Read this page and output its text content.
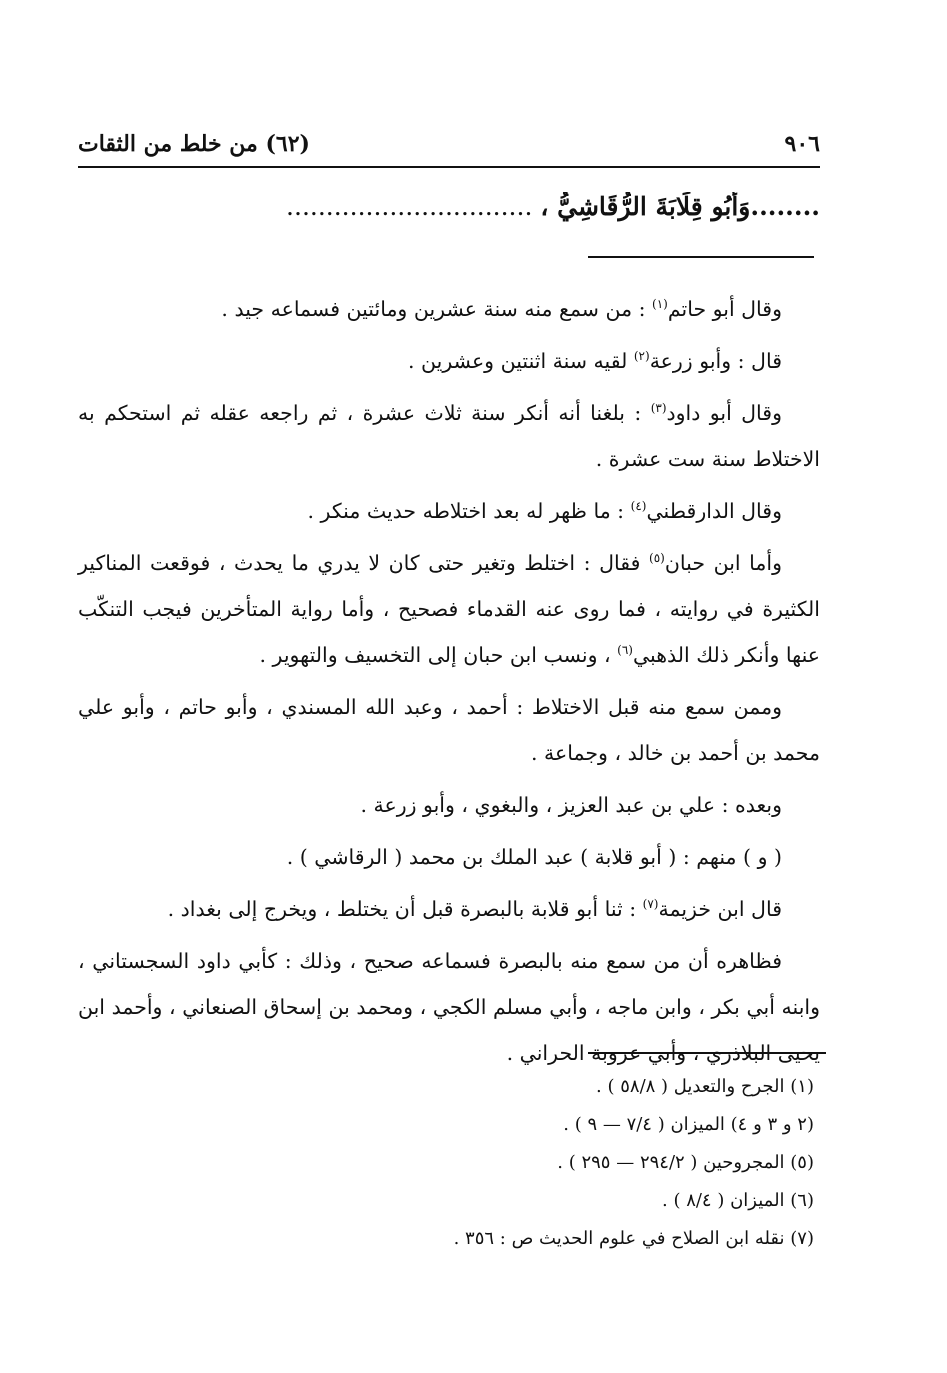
٩٠٦
(٦٢) من خلط من الثقات
........وَأَبُو قِلَابَةَ الرُّقَاشِيُّ ، ...............................

وقال أبو حاتم$^{(١)}$ : من سمع منه سنة عشرين ومائتين فسماعه جيد .

قال : وأبو زرعة$^{(٢)}$ لقيه سنة اثنتين وعشرين .

وقال أبو داود$^{(٣)}$ : بلغنا أنه أنكر سنة ثلاث عشرة ، ثم راجعه عقله ثم استحكم به الاختلاط سنة ست عشرة .

وقال الدارقطني$^{(٤)}$ : ما ظهر له بعد اختلاطه حديث منكر .

وأما ابن حبان$^{(٥)}$ فقال : اختلط وتغير حتى كان لا يدري ما يحدث ، فوقعت المناكير الكثيرة في روايته ، فما روى عنه القدماء فصحيح ، وأما رواية المتأخرين فيجب التنكّب عنها وأنكر ذلك الذهبي$^{(٦)}$ ، ونسب ابن حبان إلى التخسيف والتهوير .

وممن سمع منه قبل الاختلاط : أحمد ، وعبد الله المسندي ، وأبو حاتم ، وأبو علي محمد بن أحمد بن خالد ، وجماعة .

وبعده : علي بن عبد العزيز ، والبغوي ، وأبو زرعة .

( و ) منهم : ( أبو قلابة ) عبد الملك بن محمد ( الرقاشي ) .

قال ابن خزيمة$^{(٧)}$ : ثنا أبو قلابة بالبصرة قبل أن يختلط ، ويخرج إلى بغداد .

فظاهره أن من سمع منه بالبصرة فسماعه صحيح ، وذلك : كأبي داود السجستاني ، وابنه أبي بكر ، وابن ماجه ، وأبي مسلم الكجي ، ومحمد بن إسحاق الصنعاني ، وأحمد ابن يحيى البلاذري ، وأبي عروبة الحراني .

(١) الجرح والتعديل ( ٥٨/٨ ) .
(٢ و ٣ و ٤) الميزان ( ٧/٤ — ٩ ) .
(٥) المجروحين ( ٢٩٤/٢ — ٢٩٥ ) .
(٦) الميزان ( ٨/٤ ) .
(٧) نقله ابن الصلاح في علوم الحديث ص : ٣٥٦ .
